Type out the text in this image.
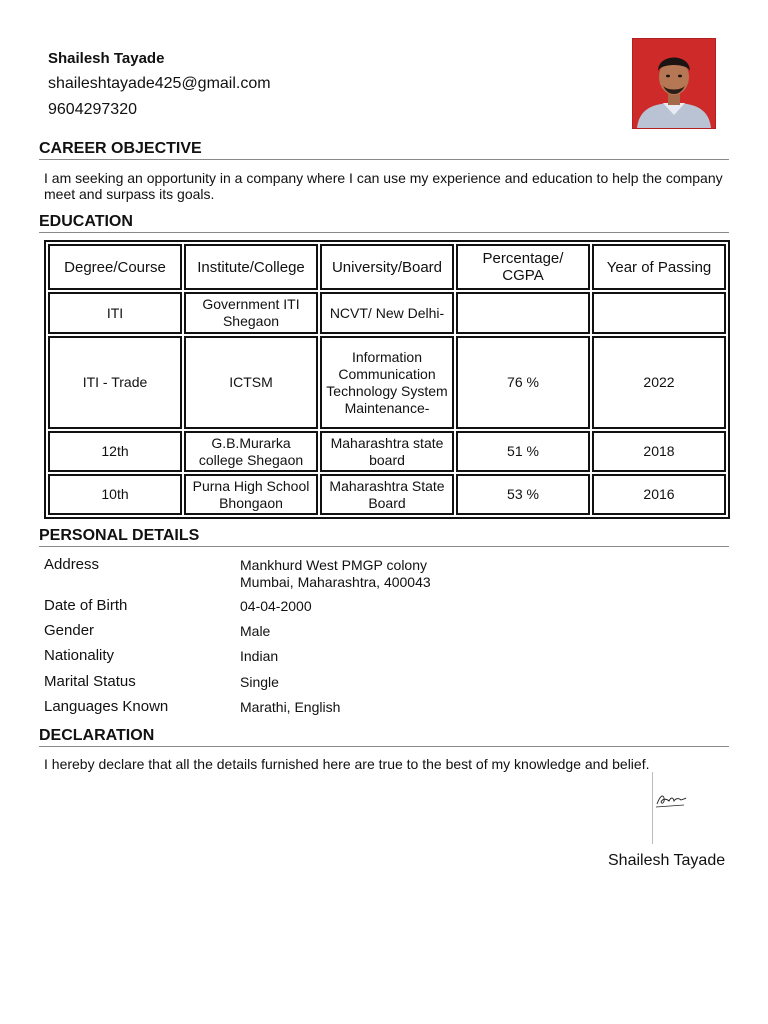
Shailesh Tayade
shaileshtayade425@gmail.com
9604297320
CAREER OBJECTIVE
I am seeking an opportunity in a company where I can use my experience and education to help the company meet and surpass its goals.
EDUCATION
Degree/Course	Institute/College	University/Board	Percentage/ CGPA	Year of Passing
ITI	Government ITI Shegaon	NCVT/ New Delhi-		
ITI - Trade	ICTSM	Information Communication Technology System Maintenance-	76 %	2022
12th	G.B.Murarka college Shegaon	Maharashtra state board	51 %	2018
10th	Purna High School Bhongaon	Maharashtra State Board	53 %	2016
PERSONAL DETAILS
Address	Mankhurd West PMGP colony
Mumbai, Maharashtra, 400043
Date of Birth	04-04-2000
Gender	Male
Nationality	Indian
Marital Status	Single
Languages Known	Marathi, English
DECLARATION
I hereby declare that all the details furnished here are true to the best of my knowledge and belief.
Shailesh Tayade
